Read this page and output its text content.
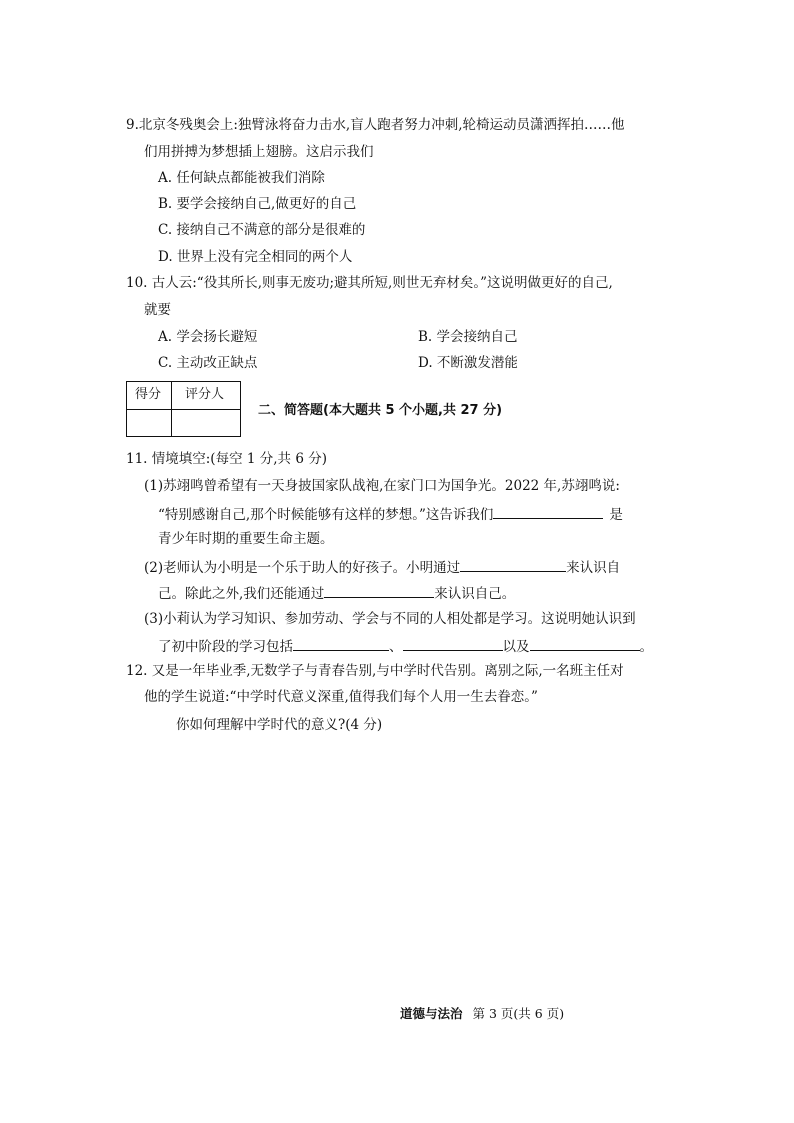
9.北京冬残奥会上:独臂泳将奋力击水,盲人跑者努力冲刺,轮椅运动员潇洒挥拍……他
们用拼搏为梦想插上翅膀。这启示我们
A. 任何缺点都能被我们消除
B. 要学会接纳自己,做更好的自己
C. 接纳自己不满意的部分是很难的
D. 世界上没有完全相同的两个人
10. 古人云:“役其所长,则事无废功;避其所短,则世无弃材矣。”这说明做更好的自己,
就要
A. 学会扬长避短	B. 学会接纳自己
C. 主动改正缺点	D. 不断激发潜能
得分 评分人
二、简答题(本大题共 5 个小题,共 27 分)
11. 情境填空:(每空 1 分,共 6 分)
(1)苏翊鸣曾希望有一天身披国家队战袍,在家门口为国争光。2022 年,苏翊鸣说:
“特别感谢自己,那个时候能够有这样的梦想。”这告诉我们	是
青少年时期的重要生命主题。
(2)老师认为小明是一个乐于助人的好孩子。小明通过	来认识自
己。除此之外,我们还能通过	来认识自己。
(3)小莉认为学习知识、参加劳动、学会与不同的人相处都是学习。这说明她认识到
了初中阶段的学习包括	、	以及	。
12. 又是一年毕业季,无数学子与青春告别,与中学时代告别。离别之际,一名班主任对
他的学生说道:“中学时代意义深重,值得我们每个人用一生去眷恋。”
你如何理解中学时代的意义?(4 分)
道德与法治 第 3 页(共 6 页)
